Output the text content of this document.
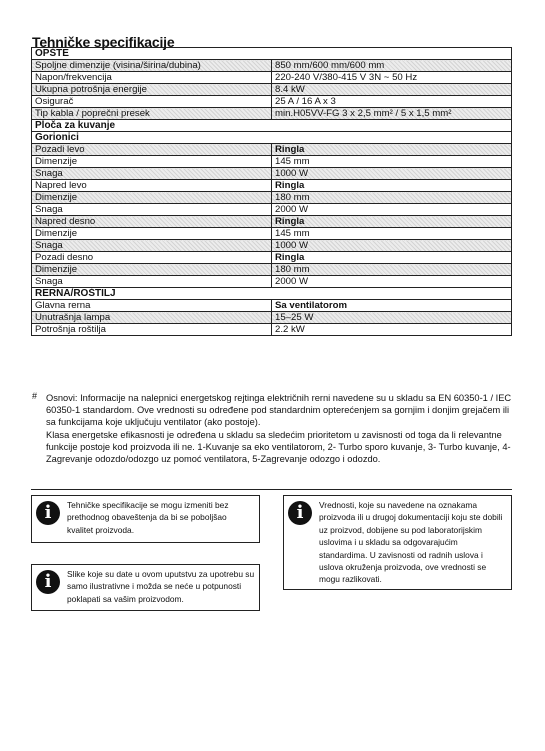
Tehničke specifikacije
OPŠTE	
Spoljne dimenzije (visina/širina/dubina)	850 mm/600 mm/600 mm
Napon/frekvencija	220-240 V/380-415 V 3N ~ 50 Hz
Ukupna potrošnja energije	8.4 kW
Osigurač	25 A / 16 A x 3
Tip kabla / poprečni presek	min.H05VV-FG 3 x 2,5 mm² / 5 x 1,5 mm²
Ploča za kuvanje	
Gorionici	
Pozadi levo	Ringla
Dimenzije	145 mm
Snaga	1000 W
Napred levo	Ringla
Dimenzije	180 mm
Snaga	2000 W
Napred desno	Ringla
Dimenzije	145 mm
Snaga	1000 W
Pozadi desno	Ringla
Dimenzije	180 mm
Snaga	2000 W
RERNA/ROŠTILJ	
Glavna rerna	Sa ventilatorom
Unutrašnja lampa	15–25 W
Potrošnja roštilja	2.2 kW
# Osnovi: Informacije na nalepnici energetskog rejtinga električnih rerni navedene su u skladu sa EN 60350-1 / IEC 60350-1 standardom. Ove vrednosti su određene pod standardnim opterećenjem sa gornjim i donjim grejačem ili sa funkcijama koje uključuju ventilator (ako postoje).

Klasa energetske efikasnosti je određena u skladu sa sledećim prioritetom u zavisnosti od toga da li relevantne funkcije postoje kod proizvoda ili ne. 1-Kuvanje sa eko ventilatorom, 2- Turbo sporo kuvanje, 3- Turbo kuvanje, 4- Zagrevanje odozdo/odozgo uz pomoć ventilatora, 5-Zagrevanje odozgo i odozdo.

i	Tehničke specifikacije se mogu izmeniti bez prethodnog obaveštenja da bi se poboljšao kvalitet proizvoda.
i	Slike koje su date u ovom uputstvu za upotrebu su samo ilustrativne i možda se neće u potpunosti poklapati sa vašim proizvodom.
i	Vrednosti, koje su navedene na oznakama proizvoda ili u drugoj dokumentaciji koju ste dobili uz proizvod, dobijene su pod laboratorijskim uslovima i u skladu sa odgovarajućim standardima. U zavisnosti od radnih uslova i uslova okruženja proizvoda, ove vrednosti se mogu razlikovati.
